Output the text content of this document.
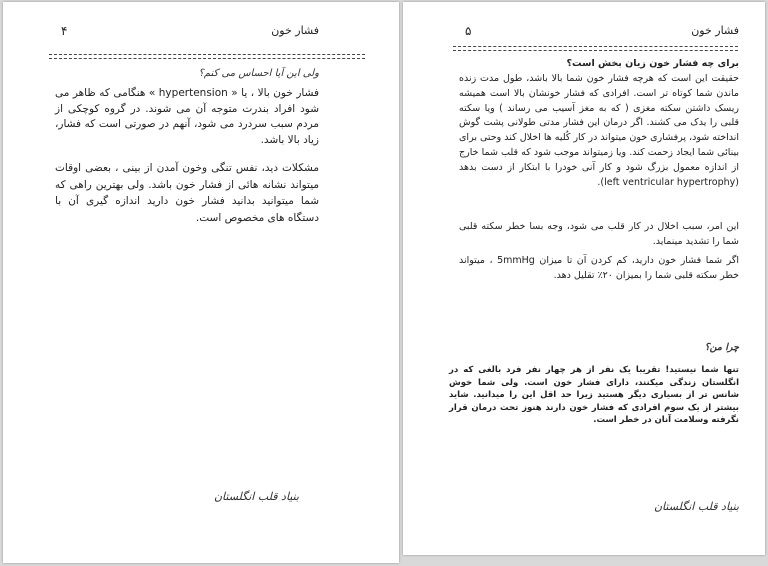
فشار خون
۴
ولی این آیا احساس می کنم؟
فشار خون بالا ، یا « hypertension » هنگامی که ظاهر می شود افراد بندرت متوجه آن می شوند. در گروه کوچکی از مردم سبب سردرد می شود، آنهم در صورتی است که فشار، زیاد بالا باشد.
مشکلات دید، نفس تنگی وخون آمدن از بینی ، بعضی اوقات میتواند نشانه هائی از فشار خون باشد. ولی بهترین راهی که شما میتوانید بدانید فشار خون دارید اندازه گیری آن با دستگاه های مخصوص است.
بنیاد قلب انگلستان
فشار خون
۵
برای چه فشار خون زیان بخش است؟
حقیقت این است که هرچه فشار خون شما بالا باشد، طول مدت زنده ماندن شما کوتاه تر است. افرادی که فشار خونشان بالا است همیشه ریسک داشتن سکته مغزی ( که به مغز آسیب می رساند ) ویا سکته قلبی را یدک می کشند. اگر درمان این فشار مدتی طولانی پشت گوش انداخته شود، پرفشاری خون میتواند در کار کُلیه ها اخلال کند وحتی برای بینائی شما ایجاد زحمت کند. ویا زمیتواند موجب شود که قلب شما خارج از اندازه معمول بزرگ شود و کار آنی خودرا با ابتکار از دست بدهد (left ventricular hypertrophy).
این امر، سبب اخلال در کار قلب می شود، وجه بسا خطر سکته قلبی شما را تشدید مینماید.
اگر شما فشار خون دارید، کم کردن آن تا میزان 5mmHg ، میتواند خطر سکته قلبی شما را بمیزان ۲۰٪ تقلیل دهد.
چرا من؟
تنها شما نیستید! تقریبا یک نفر از هر چهار نفر فرد بالغی که در انگلستان زندگی میکنند، دارای فشار خون است. ولی شما خوش شانس تر از بسیاری دیگر هستید زیرا حد اقل این را میدانید. شاید بیشتر از یک سوم افرادی که فشار خون دارند هنوز تحت درمان قرار نگرفته وسلامت آنان در خطر است.
بنیاد قلب انگلستان
